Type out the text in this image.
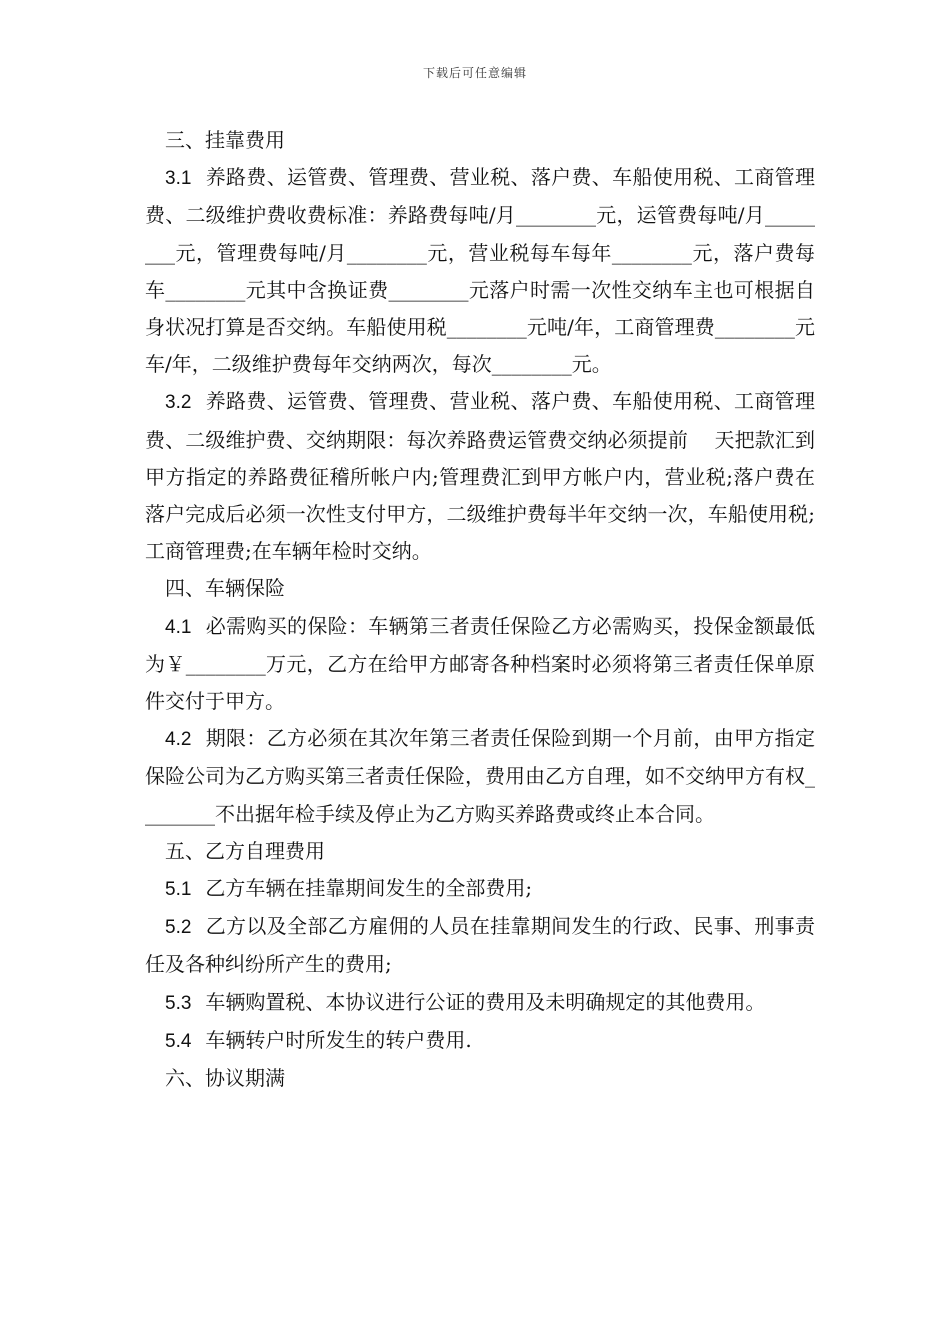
下载后可任意编辑

三、挂靠费用

3.1 养路费、运管费、管理费、营业税、落户费、车船使用税、工商管理费、二级维护费收费标准：养路费每吨/月________元，运管费每吨/月________元，管理费每吨/月________元，营业税每车每年________元，落户费每车________元其中含换证费________元落户时需一次性交纳车主也可根据自身状况打算是否交纳。车船使用税________元吨/年，工商管理费________元车/年，二级维护费每年交纳两次，每次________元。

3.2 养路费、运管费、管理费、营业税、落户费、车船使用税、工商管理费、二级维护费、交纳期限：每次养路费运管费交纳必须提前　 天把款汇到甲方指定的养路费征稽所帐户内;管理费汇到甲方帐户内，营业税;落户费在落户完成后必须一次性支付甲方，二级维护费每半年交纳一次，车船使用税;工商管理费;在车辆年检时交纳。

四、车辆保险

4.1 必需购买的保险：车辆第三者责任保险乙方必需购买，投保金额最低为￥________万元，乙方在给甲方邮寄各种档案时必须将第三者责任保单原件交付于甲方。

4.2 期限：乙方必须在其次年第三者责任保险到期一个月前，由甲方指定保险公司为乙方购买第三者责任保险，费用由乙方自理，如不交纳甲方有权________不出据年检手续及停止为乙方购买养路费或终止本合同。

五、乙方自理费用

5.1 乙方车辆在挂靠期间发生的全部费用;

5.2 乙方以及全部乙方雇佣的人员在挂靠期间发生的行政、民事、刑事责任及各种纠纷所产生的费用;

5.3 车辆购置税、本协议进行公证的费用及未明确规定的其他费用。

5.4 车辆转户时所发生的转户费用.

六、协议期满
